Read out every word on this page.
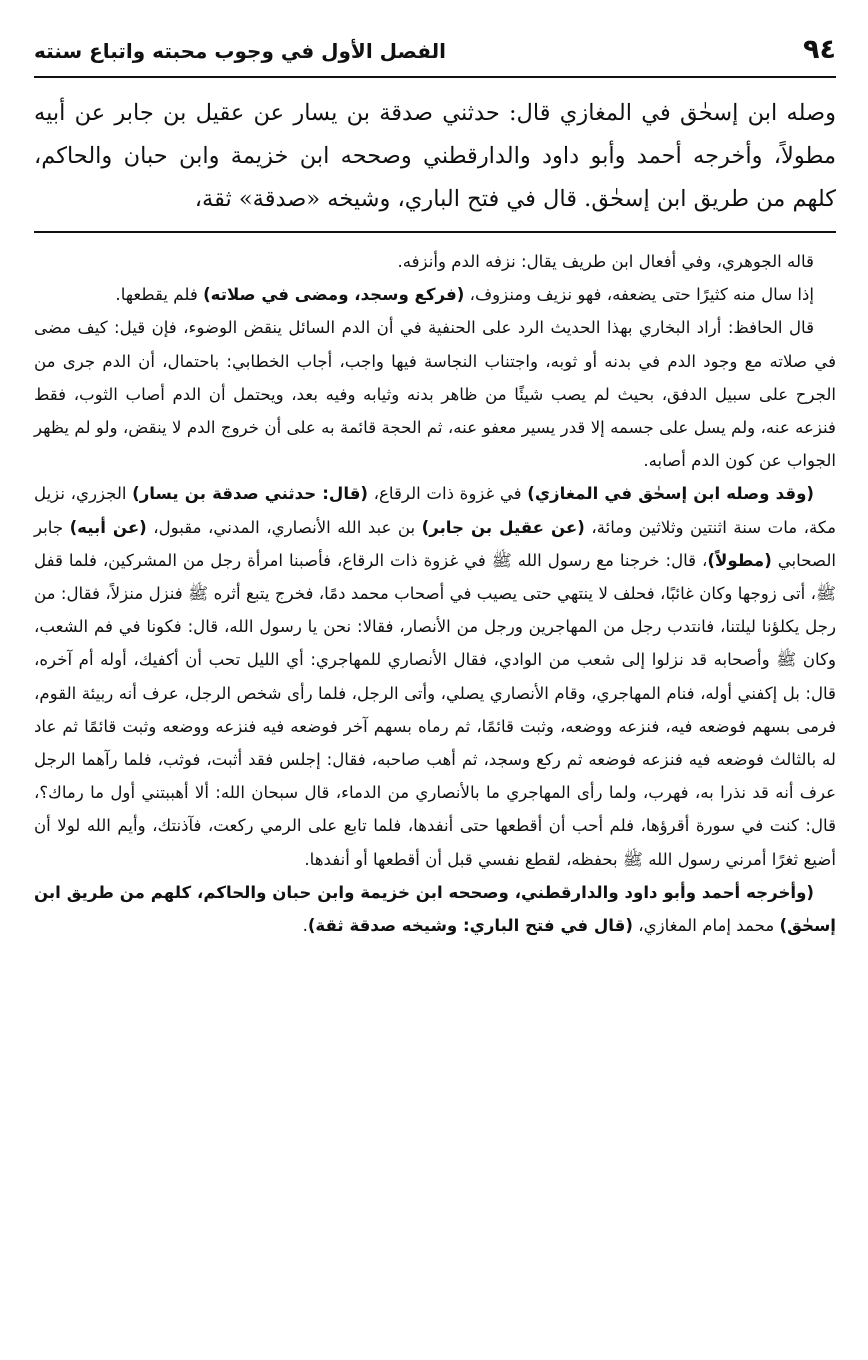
٩٤
الفصل الأول في وجوب محبته واتباع سنته

وصله ابن إسحٰق في المغازي قال: حدثني صدقة بن يسار عن عقيل بن جابر عن أبيه مطولاً، وأخرجه أحمد وأبو داود والدارقطني وصححه ابن خزيمة وابن حبان والحاكم، كلهم من طريق ابن إسحٰق. قال في فتح الباري، وشيخه «صدقة» ثقة،

قاله الجوهري، وفي أفعال ابن طريف يقال: نزفه الدم وأنزفه.

إذا سال منه كثيرًا حتى يضعفه، فهو نزيف ومنزوف، (فركع وسجد، ومضى في صلاته) فلم يقطعها.

قال الحافظ: أراد البخاري بهذا الحديث الرد على الحنفية في أن الدم السائل ينقض الوضوء، فإن قيل: كيف مضى في صلاته مع وجود الدم في بدنه أو ثوبه، واجتناب النجاسة فيها واجب، أجاب الخطابي: باحتمال، أن الدم جرى من الجرح على سبيل الدفق، بحيث لم يصب شيئًا من ظاهر بدنه وثيابه وفيه بعد، ويحتمل أن الدم أصاب الثوب، فقط فنزعه عنه، ولم يسل على جسمه إلا قدر يسير معفو عنه، ثم الحجة قائمة به على أن خروج الدم لا ينقض، ولو لم يظهر الجواب عن كون الدم أصابه.

(وقد وصله ابن إسحٰق في المغازي) في غزوة ذات الرقاع، (قال: حدثني صدقة بن يسار) الجزري، نزيل مكة، مات سنة اثنتين وثلاثين ومائة، (عن عقيل بن جابر) بن عبد الله الأنصاري، المدني، مقبول، (عن أبيه) جابر الصحابي (مطولاً)، قال: خرجنا مع رسول الله ﷺ في غزوة ذات الرقاع، فأصبنا امرأة رجل من المشركين، فلما قفل ﷺ، أتى زوجها وكان غائبًا، فحلف لا ينتهي حتى يصيب في أصحاب محمد دمًا، فخرج يتبع أثره ﷺ فنزل منزلاً، فقال: من رجل يكلؤنا ليلتنا، فانتدب رجل من المهاجرين ورجل من الأنصار، فقالا: نحن يا رسول الله، قال: فكونا في فم الشعب، وكان ﷺ وأصحابه قد نزلوا إلى شعب من الوادي، فقال الأنصاري للمهاجري: أي الليل تحب أن أكفيك، أوله أم آخره، قال: بل إكفني أوله، فنام المهاجري، وقام الأنصاري يصلي، وأتى الرجل، فلما رأى شخص الرجل، عرف أنه ربيئة القوم، فرمى بسهم فوضعه فيه، فنزعه ووضعه، وثبت قائمًا، ثم رماه بسهم آخر فوضعه فيه فنزعه ووضعه وثبت قائمًا ثم عاد له بالثالث فوضعه فيه فنزعه فوضعه ثم ركع وسجد، ثم أهب صاحبه، فقال: إجلس فقد أثبت، فوثب، فلما رآهما الرجل عرف أنه قد نذرا به، فهرب، ولما رأى المهاجري ما بالأنصاري من الدماء، قال سبحان الله: ألا أهببتني أول ما رماك؟، قال: كنت في سورة أقرؤها، فلم أحب أن أقطعها حتى أنفدها، فلما تابع على الرمي ركعت، فآذنتك، وأيم الله لولا أن أضيع ثغرًا أمرني رسول الله ﷺ بحفظه، لقطع نفسي قبل أن أقطعها أو أنفدها.

(وأخرجه أحمد وأبو داود والدارقطني، وصححه ابن خزيمة وابن حبان والحاكم، كلهم من طريق ابن إسحٰق) محمد إمام المغازي، (قال في فتح الباري: وشيخه صدقة ثقة).
